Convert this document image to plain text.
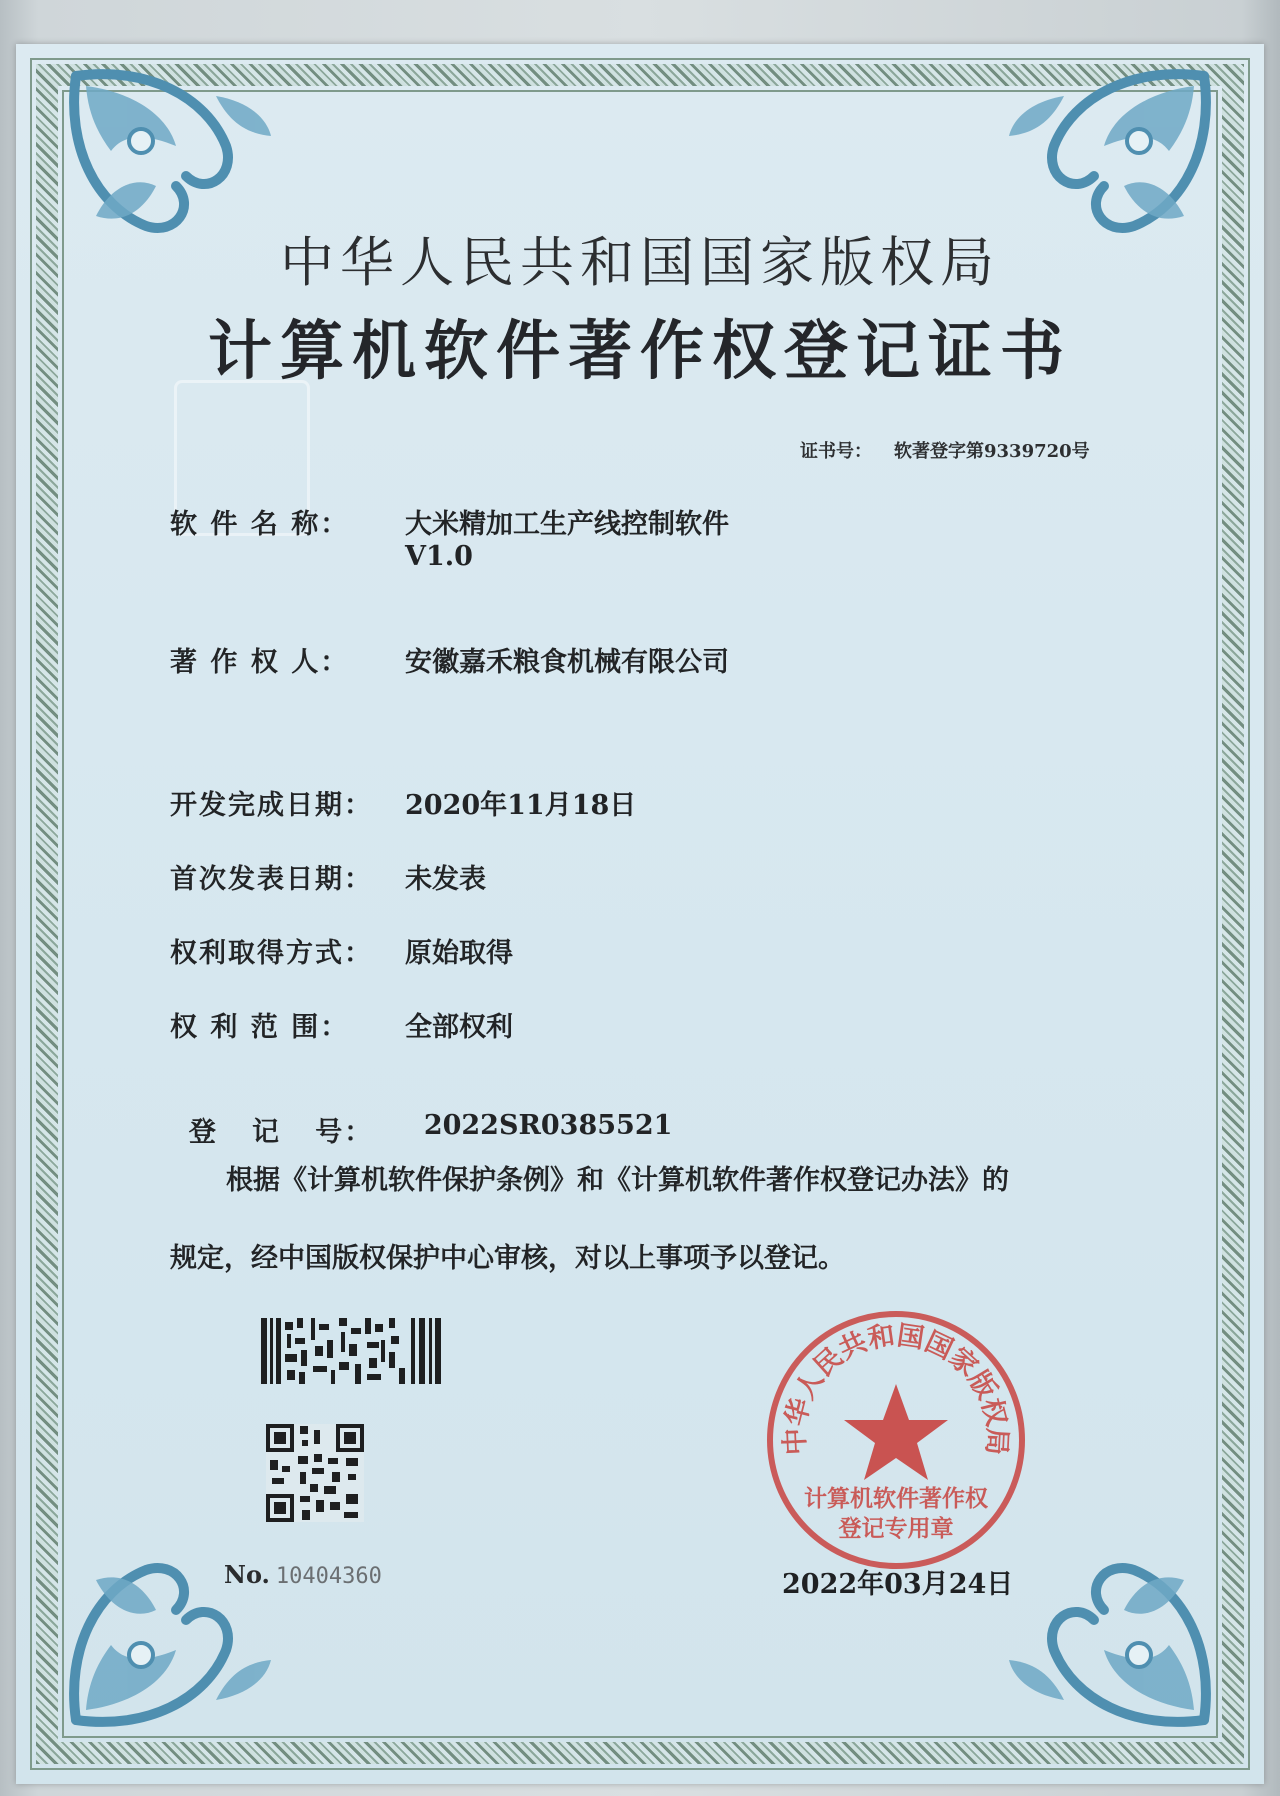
中华人民共和国国家版权局
计算机软件著作权登记证书
证书号： 软著登字第9339720号
软 件 名 称： 大米精加工生产线控制软件
V1.0
著 作 权 人： 安徽嘉禾粮食机械有限公司
开发完成日期： 2020年11月18日
首次发表日期： 未发表
权利取得方式： 原始取得
权 利 范 围： 全部权利

登   记   号： 2022SR0385521

根据《计算机软件保护条例》和《计算机软件著作权登记办法》的
规定，经中国版权保护中心审核，对以上事项予以登记。
No. 10404360
中华人民共和国国家版权局
计算机软件著作权
登记专用章
2022年03月24日
